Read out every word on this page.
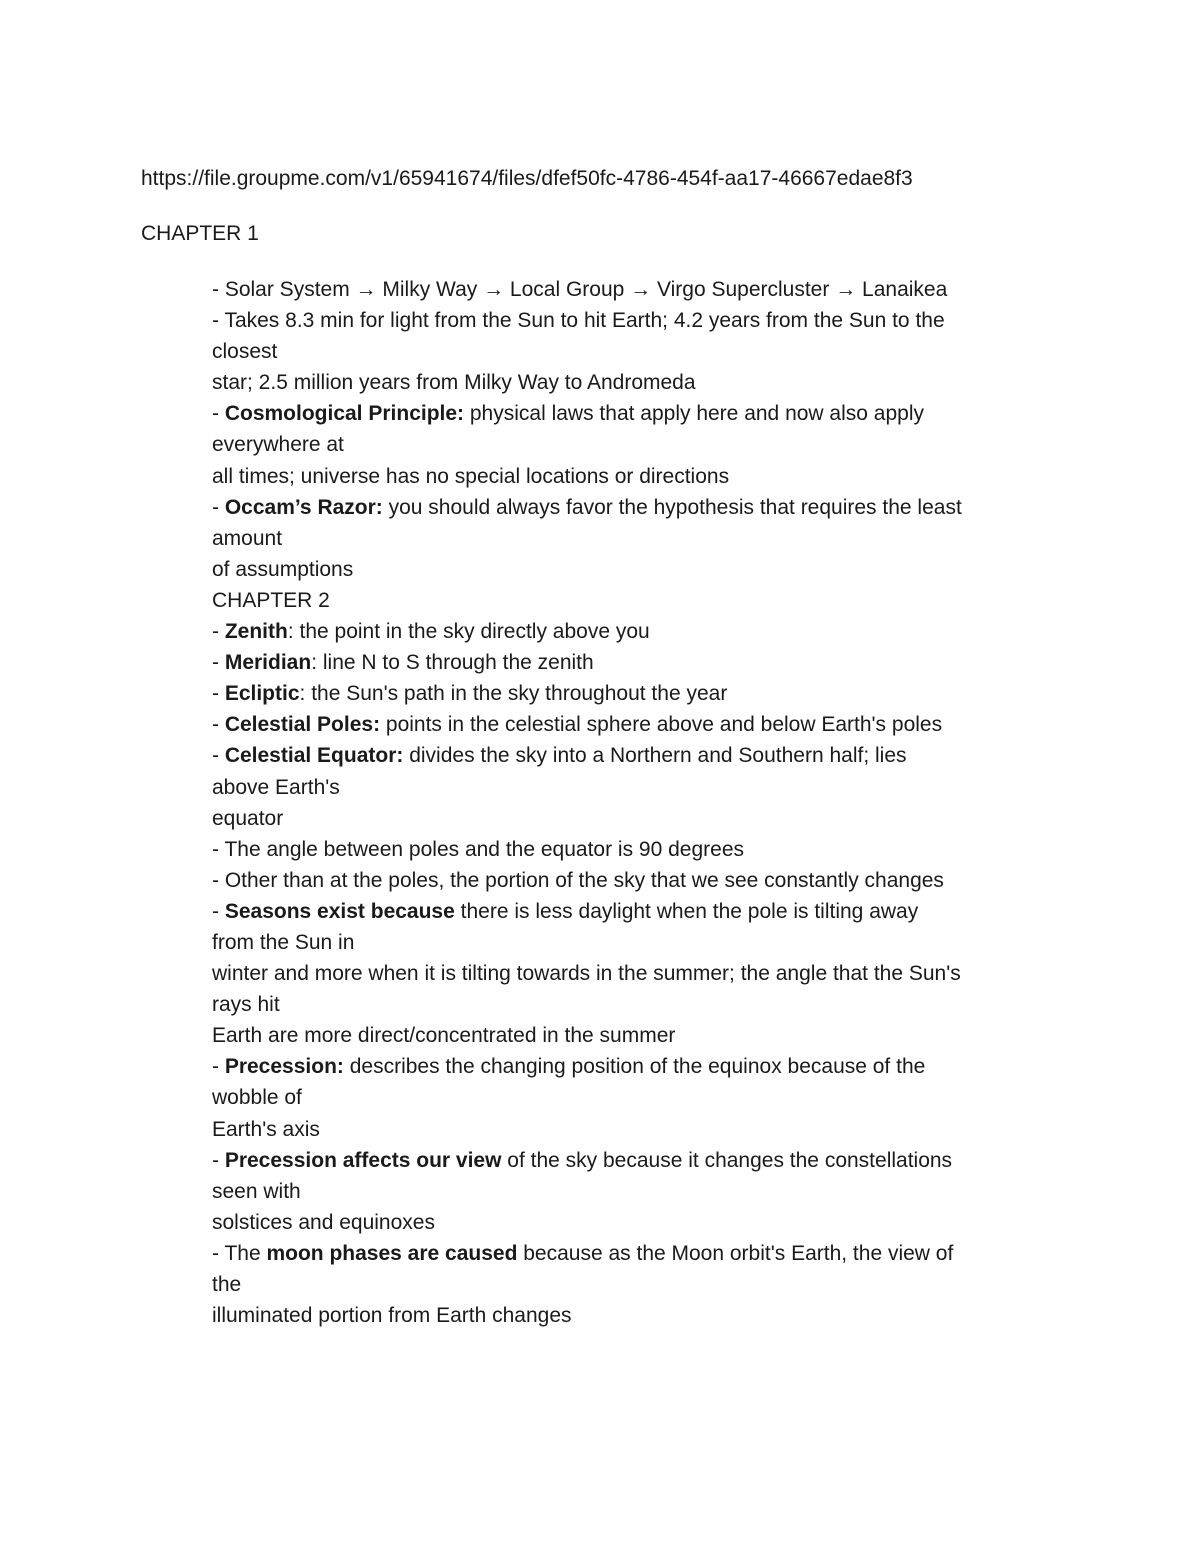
https://file.groupme.com/v1/65941674/files/dfef50fc-4786-454f-aa17-46667edae8f3
CHAPTER 1
- Solar System → Milky Way → Local Group → Virgo Supercluster → Lanaikea
- Takes 8.3 min for light from the Sun to hit Earth; 4.2 years from the Sun to the
closest
star; 2.5 million years from Milky Way to Andromeda
- Cosmological Principle: physical laws that apply here and now also apply
everywhere at
all times; universe has no special locations or directions
- Occam’s Razor: you should always favor the hypothesis that requires the least
amount
of assumptions
CHAPTER 2
- Zenith: the point in the sky directly above you
- Meridian: line N to S through the zenith
- Ecliptic: the Sun's path in the sky throughout the year
- Celestial Poles: points in the celestial sphere above and below Earth's poles
- Celestial Equator: divides the sky into a Northern and Southern half; lies
above Earth's
equator
- The angle between poles and the equator is 90 degrees
- Other than at the poles, the portion of the sky that we see constantly changes
- Seasons exist because there is less daylight when the pole is tilting away
from the Sun in
winter and more when it is tilting towards in the summer; the angle that the Sun's
rays hit
Earth are more direct/concentrated in the summer
- Precession: describes the changing position of the equinox because of the
wobble of
Earth's axis
- Precession affects our view of the sky because it changes the constellations
seen with
solstices and equinoxes
- The moon phases are caused because as the Moon orbit's Earth, the view of
the
illuminated portion from Earth changes
